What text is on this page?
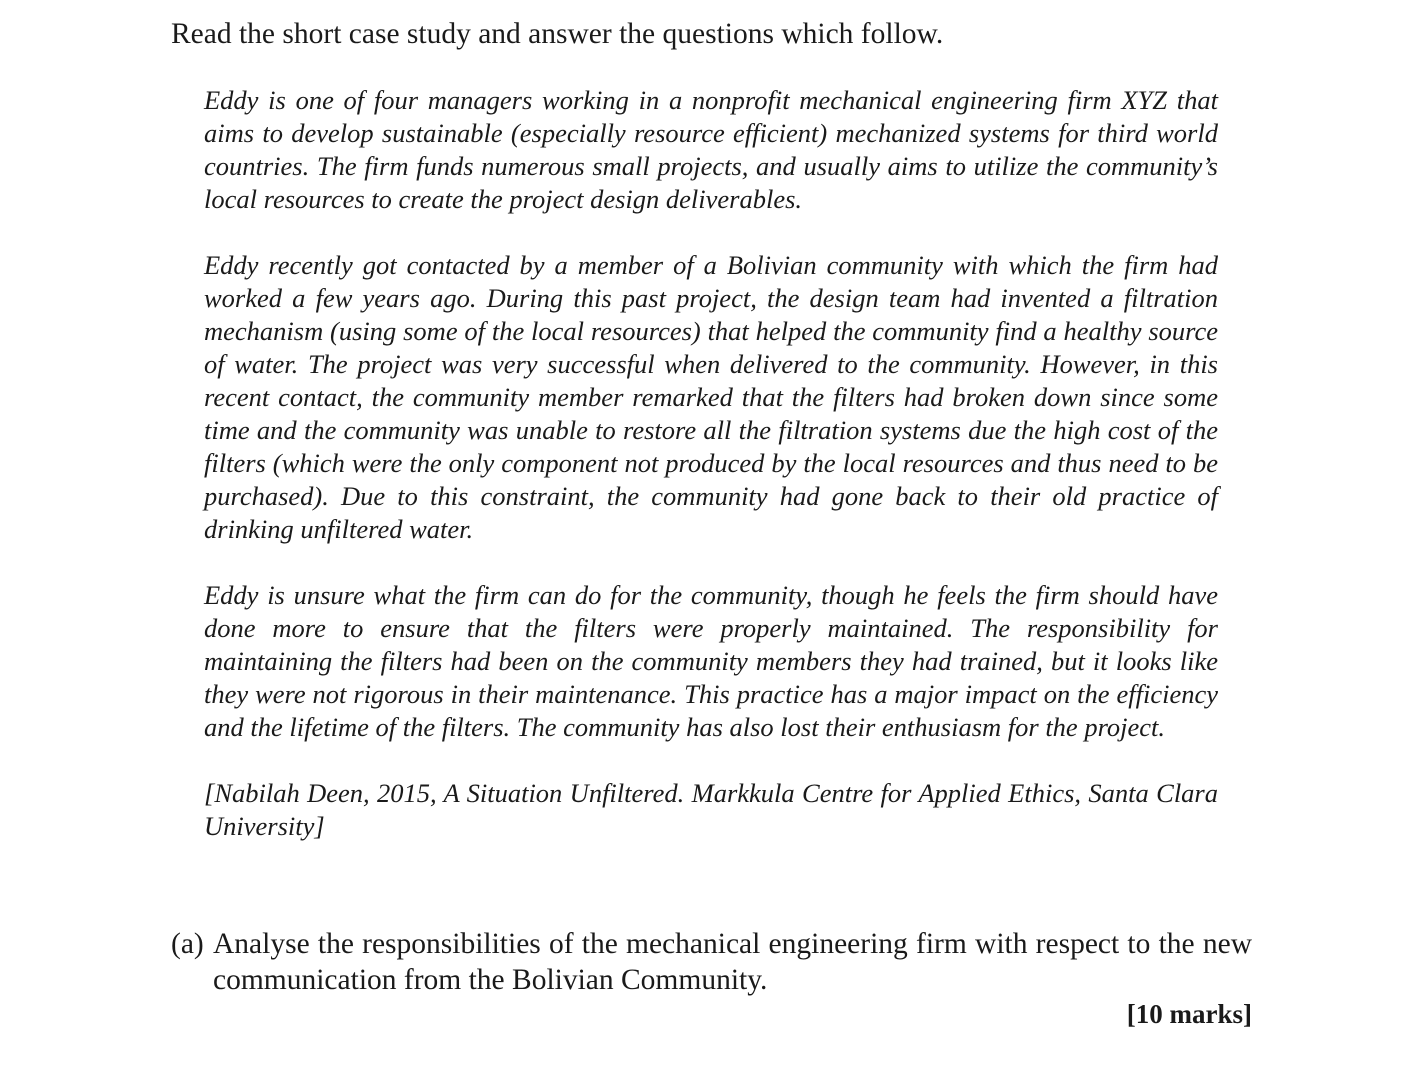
Read the short case study and answer the questions which follow.

Eddy is one of four managers working in a nonprofit mechanical engineering firm XYZ that aims to develop sustainable (especially resource efficient) mechanized systems for third world countries. The firm funds numerous small projects, and usually aims to utilize the community’s local resources to create the project design deliverables.

Eddy recently got contacted by a member of a Bolivian community with which the firm had worked a few years ago. During this past project, the design team had invented a filtration mechanism (using some of the local resources) that helped the community find a healthy source of water. The project was very successful when delivered to the community. However, in this recent contact, the community member remarked that the filters had broken down since some time and the community was unable to restore all the filtration systems due the high cost of the filters (which were the only component not produced by the local resources and thus need to be purchased). Due to this constraint, the community had gone back to their old practice of drinking unfiltered water.

Eddy is unsure what the firm can do for the community, though he feels the firm should have done more to ensure that the filters were properly maintained. The responsibility for maintaining the filters had been on the community members they had trained, but it looks like they were not rigorous in their maintenance. This practice has a major impact on the efficiency and the lifetime of the filters. The community has also lost their enthusiasm for the project.

[Nabilah Deen, 2015, A Situation Unfiltered. Markkula Centre for Applied Ethics, Santa Clara University]

(a) Analyse the responsibilities of the mechanical engineering firm with respect to the new communication from the Bolivian Community.
[10 marks]
